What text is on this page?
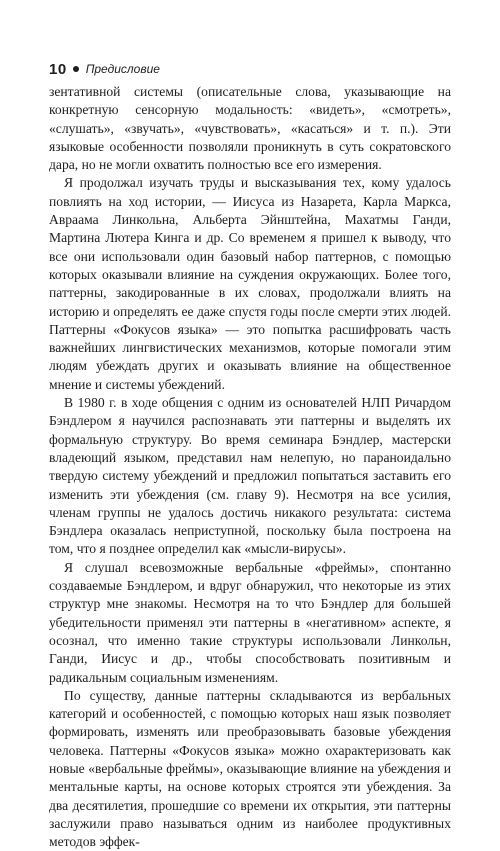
10 Предисловие

зентативной системы (описательные слова, указывающие на конкретную сенсорную модальность: «видеть», «смотреть», «слушать», «звучать», «чувствовать», «касаться» и т. п.). Эти языковые особенности позволяли проникнуть в суть сократовского дара, но не могли охватить полностью все его измерения.

Я продолжал изучать труды и высказывания тех, кому удалось повлиять на ход истории, — Иисуса из Назарета, Карла Маркса, Авраама Линкольна, Альберта Эйнштейна, Махатмы Ганди, Мартина Лютера Кинга и др. Со временем я пришел к выводу, что все они использовали один базовый набор паттернов, с помощью которых оказывали влияние на суждения окружающих. Более того, паттерны, закодированные в их словах, продолжали влиять на историю и определять ее даже спустя годы после смерти этих людей. Паттерны «Фокусов языка» — это попытка расшифровать часть важнейших лингвистических механизмов, которые помогали этим людям убеждать других и оказывать влияние на общественное мнение и системы убеждений.

В 1980 г. в ходе общения с одним из основателей НЛП Ричардом Бэндлером я научился распознавать эти паттерны и выделять их формальную структуру. Во время семинара Бэндлер, мастерски владеющий языком, представил нам нелепую, но параноидально твердую систему убеждений и предложил попытаться заставить его изменить эти убеждения (см. главу 9). Несмотря на все усилия, членам группы не удалось достичь никакого результата: система Бэндлера оказалась неприступной, поскольку была построена на том, что я позднее определил как «мысли-вирусы».

Я слушал всевозможные вербальные «фреймы», спонтанно создаваемые Бэндлером, и вдруг обнаружил, что некоторые из этих структур мне знакомы. Несмотря на то что Бэндлер для большей убедительности применял эти паттерны в «негативном» аспекте, я осознал, что именно такие структуры использовали Линкольн, Ганди, Иисус и др., чтобы способствовать позитивным и радикальным социальным изменениям.

По существу, данные паттерны складываются из вербальных категорий и особенностей, с помощью которых наш язык позволяет формировать, изменять или преобразовывать базовые убеждения человека. Паттерны «Фокусов языка» можно охарактеризовать как новые «вербальные фреймы», оказывающие влияние на убеждения и ментальные карты, на основе которых строятся эти убеждения. За два десятилетия, прошедшие со времени их открытия, эти паттерны заслужили право называться одним из наиболее продуктивных методов эффек-
